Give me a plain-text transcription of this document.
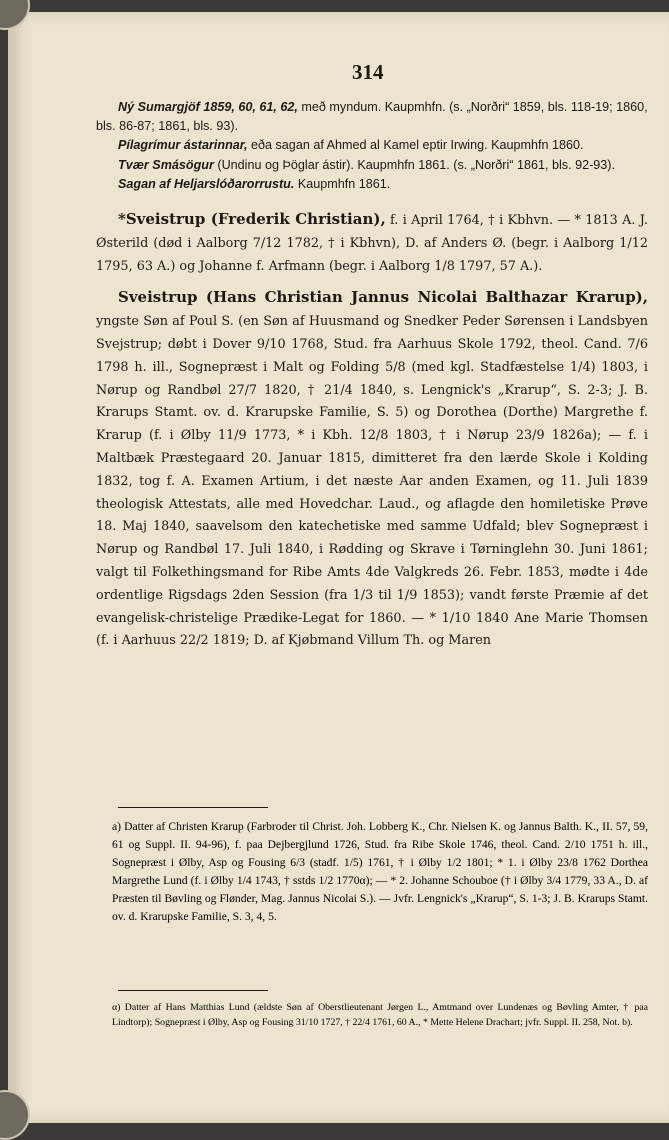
314

Ný Sumargjöf 1859, 60, 61, 62, með myndum. Kaupmhfn. (s. „Norðri“ 1859, bls. 118-19; 1860, bls. 86-87; 1861, bls. 93).

Pílagrímur ástarinnar, eða sagan af Ahmed al Kamel eptir Irwing. Kaupmhfn 1860.

Tvær Smásögur (Undinu og Þöglar ástir). Kaupmhfn 1861. (s. „Norðri“ 1861, bls. 92-93).

Sagan af Heljarslóðarorrustu. Kaupmhfn 1861.

*Sveistrup (Frederik Christian), f. i April 1764, † i Kbhvn. — * 1813 A. J. Østerild (død i Aalborg 7/12 1782, † i Kbhvn), D. af Anders Ø. (begr. i Aalborg 1/12 1795, 63 A.) og Johanne f. Arfmann (begr. i Aalborg 1/8 1797, 57 A.).

Sveistrup (Hans Christian Jannus Nicolai Balthazar Krarup), yngste Søn af Poul S. (en Søn af Huusmand og Snedker Peder Sørensen i Landsbyen Svejstrup; døbt i Dover 9/10 1768, Stud. fra Aarhuus Skole 1792, theol. Cand. 7/6 1798 h. ill., Sognepræst i Malt og Folding 5/8 (med kgl. Stadfæstelse 1/4) 1803, i Nørup og Randbøl 27/7 1820, † 21/4 1840, s. Lengnick's „Krarup“, S. 2-3; J. B. Krarups Stamt. ov. d. Krarupske Familie, S. 5) og Dorothea (Dorthe) Margrethe f. Krarup (f. i Ølby 11/9 1773, * i Kbh. 12/8 1803, † i Nørup 23/9 1826a); — f. i Maltbæk Præstegaard 20. Januar 1815, dimitteret fra den lærde Skole i Kolding 1832, tog f. A. Examen Artium, i det næste Aar anden Examen, og 11. Juli 1839 theologisk Attestats, alle med Hovedchar. Laud., og aflagde den homiletiske Prøve 18. Maj 1840, saavelsom den katechetiske med samme Udfald; blev Sognepræst i Nørup og Randbøl 17. Juli 1840, i Rødding og Skrave i Tørninglehn 30. Juni 1861; valgt til Folkethingsmand for Ribe Amts 4de Valgkreds 26. Febr. 1853, mødte i 4de ordentlige Rigsdags 2den Session (fra 1/3 til 1/9 1853); vandt første Præmie af det evangelisk-christelige Prædike-Legat for 1860. — * 1/10 1840 Ane Marie Thomsen (f. i Aarhuus 22/2 1819; D. af Kjøbmand Villum Th. og Maren

a) Datter af Christen Krarup (Farbroder til Christ. Joh. Lobberg K., Chr. Nielsen K. og Jannus Balth. K., II. 57, 59, 61 og Suppl. II. 94-96), f. paa Dejbergjlund 1726, Stud. fra Ribe Skole 1746, theol. Cand. 2/10 1751 h. ill., Sognepræst i Ølby, Asp og Fousing 6/3 (stadf. 1/5) 1761, † i Ølby 1/2 1801; * 1. i Ølby 23/8 1762 Dorthea Margrethe Lund (f. i Ølby 1/4 1743, † sstds 1/2 1770α); — * 2. Johanne Schouboe († i Ølby 3/4 1779, 33 A., D. af Præsten til Bøvling og Flønder, Mag. Jannus Nicolai S.). — Jvfr. Lengnick's „Krarup“, S. 1-3; J. B. Krarups Stamt. ov. d. Krarupske Familie, S. 3, 4, 5.

α) Datter af Hans Matthias Lund (ældste Søn af Oberstlieutenant Jørgen L., Amtmand over Lundenæs og Bøvling Amter, † paa Lindtorp); Sognepræst i Ølby, Asp og Fousing 31/10 1727, † 22/4 1761, 60 A., * Mette Helene Drachart; jvfr. Suppl. II. 258, Not. b).
